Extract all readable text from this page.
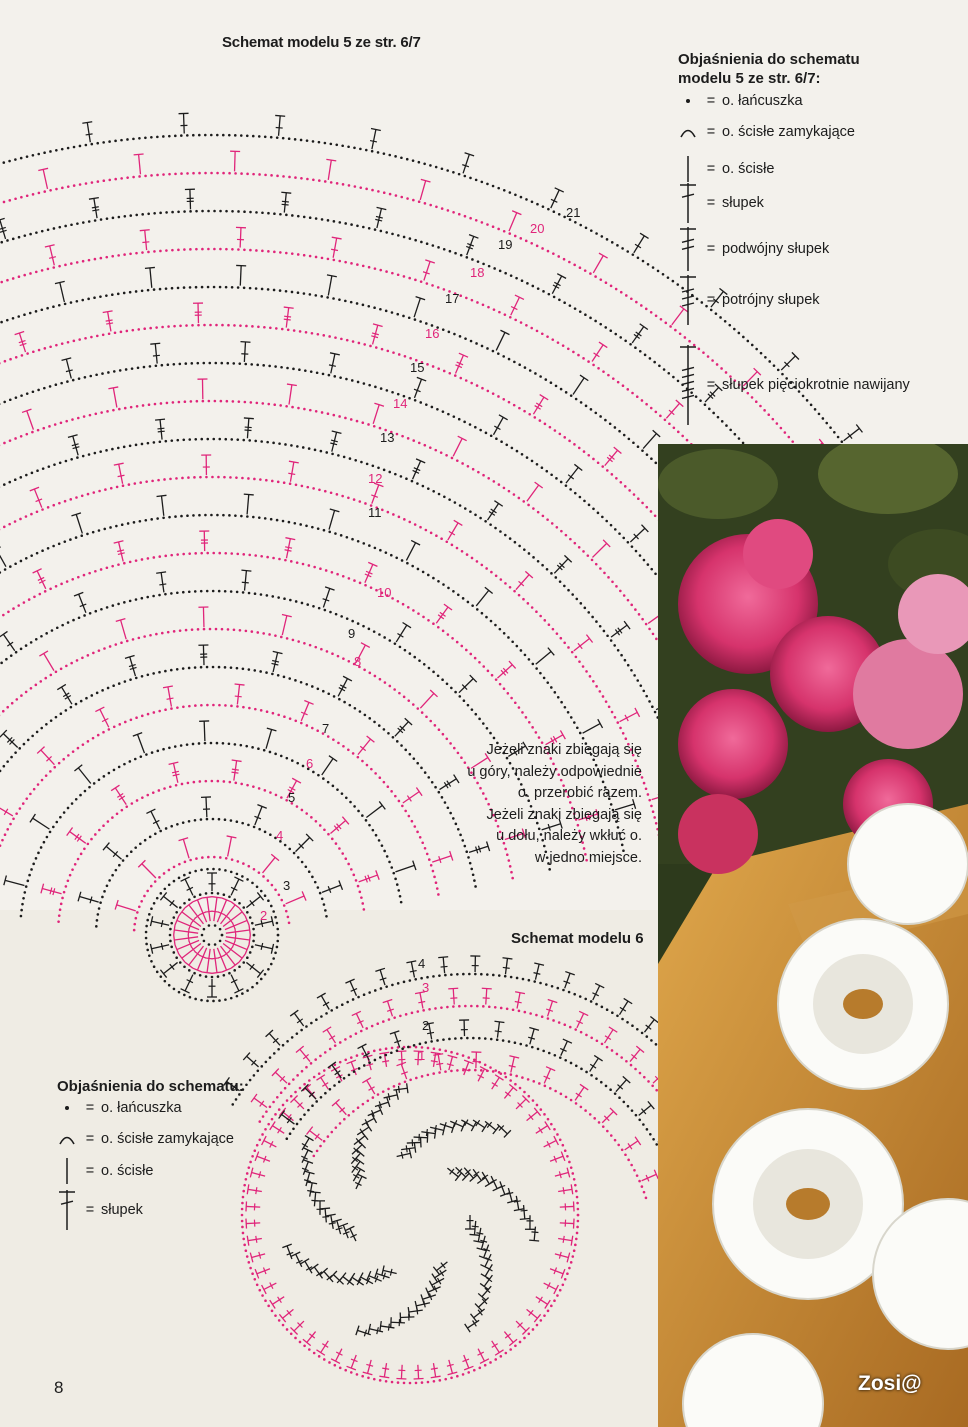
2
3
4
5
6
7
8
9
10
11
12
13
14
15
16
17
18
19
20
21
1
2
3
4
Schemat modelu 5 ze str. 6/7
Objaśnienia do schematu
modelu 5 ze str. 6/7:
= o. łańcuszka
= o. ścisłe zamykające
= o. ścisłe
= słupek
= podwójny słupek
= potrójny słupek
= słupek pięciokrotnie nawijany
Jeżeli znaki zbiegają się
u góry, należy odpowiednie
o. przerobić razem.
Jeżeli znaki zbiegają się
u dołu, należy wkłuć o.
w jedno miejsce.
Schemat modelu 6
Objaśnienia do schematu:
= o. łańcuszka
= o. ścisłe zamykające
= o. ścisłe
= słupek
Zosi@
8
